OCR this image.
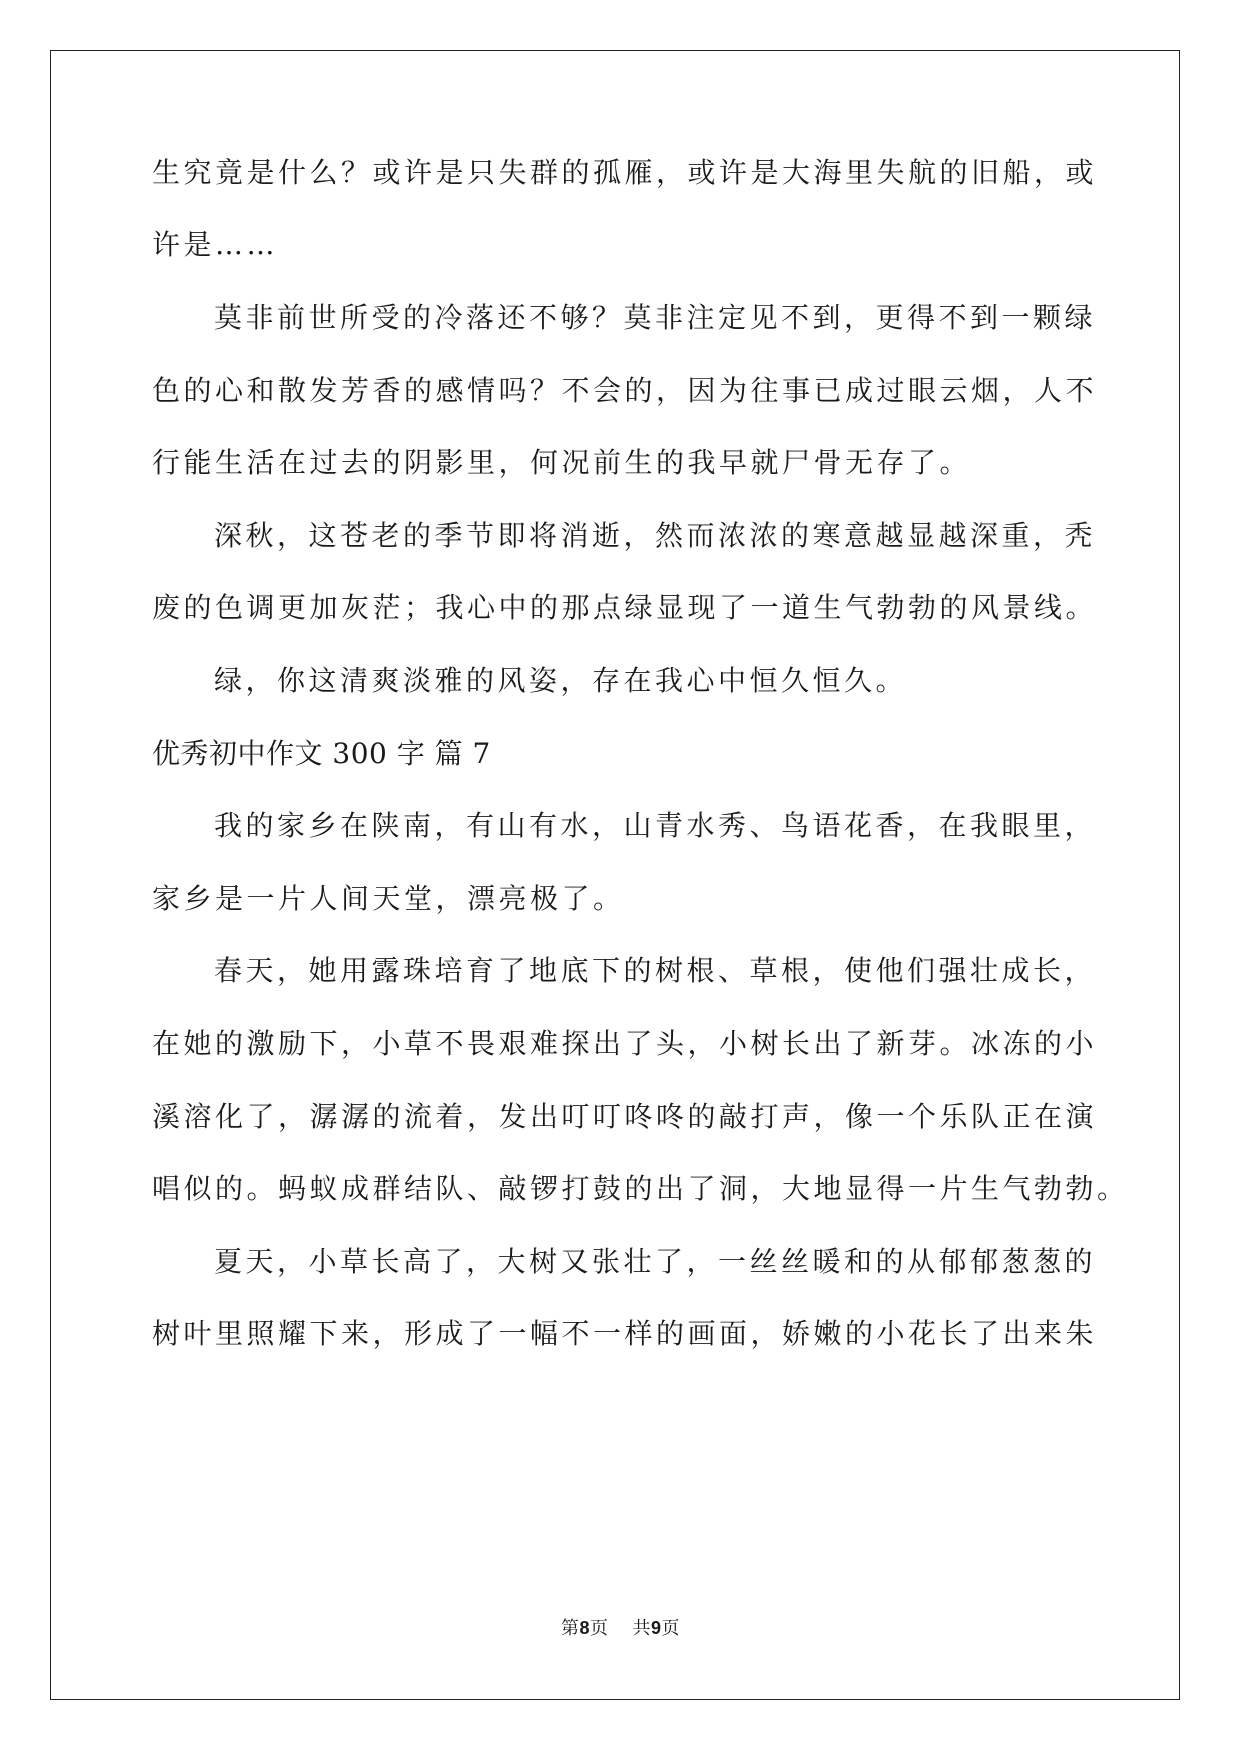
生究竟是什么？或许是只失群的孤雁，或许是大海里失航的旧船，或
许是……
莫非前世所受的冷落还不够？莫非注定见不到，更得不到一颗绿
色的心和散发芳香的感情吗？不会的，因为往事已成过眼云烟，人不
行能生活在过去的阴影里，何况前生的我早就尸骨无存了。
深秋，这苍老的季节即将消逝，然而浓浓的寒意越显越深重，秃
废的色调更加灰茫；我心中的那点绿显现了一道生气勃勃的风景线。
绿，你这清爽淡雅的风姿，存在我心中恒久恒久。
优秀初中作文 300 字 篇 7
我的家乡在陕南，有山有水，山青水秀、鸟语花香，在我眼里，
家乡是一片人间天堂，漂亮极了。
春天，她用露珠培育了地底下的树根、草根，使他们强壮成长，
在她的激励下，小草不畏艰难探出了头，小树长出了新芽。冰冻的小
溪溶化了，潺潺的流着，发出叮叮咚咚的敲打声，像一个乐队正在演
唱似的。蚂蚁成群结队、敲锣打鼓的出了洞，大地显得一片生气勃勃。
夏天，小草长高了，大树又张壮了，一丝丝暖和的从郁郁葱葱的
树叶里照耀下来，形成了一幅不一样的画面，娇嫩的小花长了出来朱
第8页 共9页
